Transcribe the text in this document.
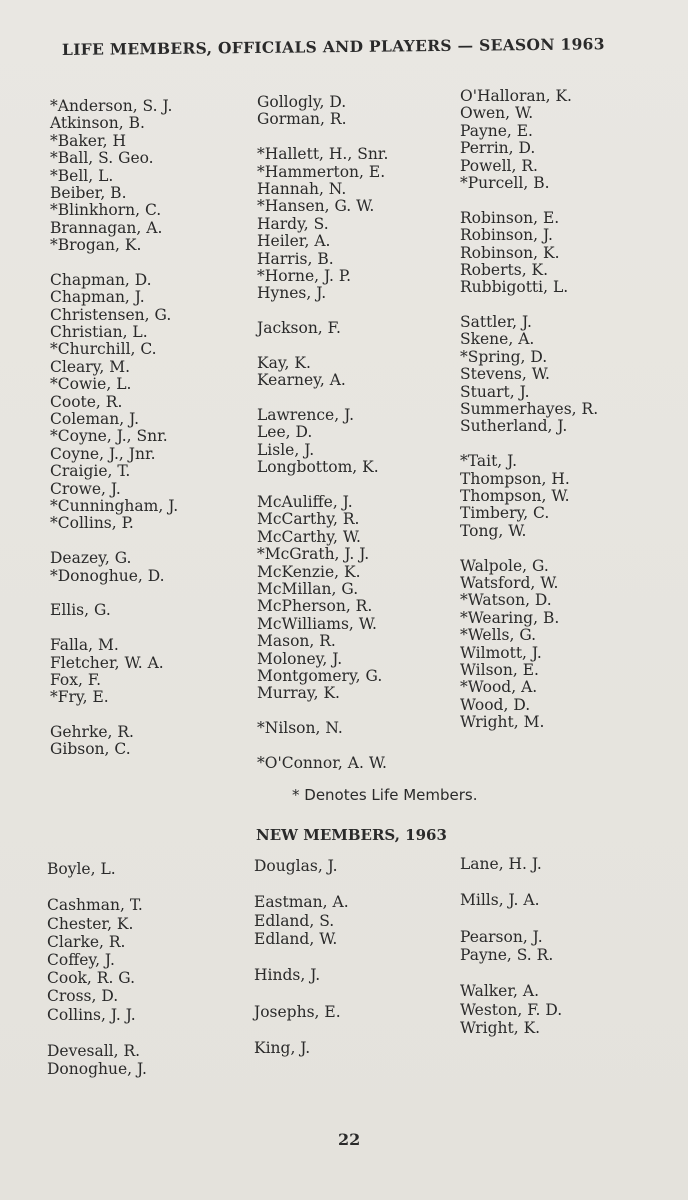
LIFE MEMBERS, OFFICIALS AND PLAYERS — SEASON 1963
*Anderson, S. J.
Atkinson, B.
*Baker, H
*Ball, S. Geo.
*Bell, L.
Beiber, B.
*Blinkhorn, C.
Brannagan, A.
*Brogan, K.
Chapman, D.
Chapman, J.
Christensen, G.
Christian, L.
*Churchill, C.
Cleary, M.
*Cowie, L.
Coote, R.
Coleman, J.
*Coyne, J., Snr.
Coyne, J., Jnr.
Craigie, T.
Crowe, J.
*Cunningham, J.
*Collins, P.
Deazey, G.
*Donoghue, D.
Ellis, G.
Falla, M.
Fletcher, W. A.
Fox, F.
*Fry, E.
Gehrke, R.
Gibson, C.
Gollogly, D.
Gorman, R.
*Hallett, H., Snr.
*Hammerton, E.
Hannah, N.
*Hansen, G. W.
Hardy, S.
Heiler, A.
Harris, B.
*Horne, J. P.
Hynes, J.
Jackson, F.
Kay, K.
Kearney, A.
Lawrence, J.
Lee, D.
Lisle, J.
Longbottom, K.
McAuliffe, J.
McCarthy, R.
McCarthy, W.
*McGrath, J. J.
McKenzie, K.
McMillan, G.
McPherson, R.
McWilliams, W.
Mason, R.
Moloney, J.
Montgomery, G.
Murray, K.
*Nilson, N.
*O'Connor, A. W.
O'Halloran, K.
Owen, W.
Payne, E.
Perrin, D.
Powell, R.
*Purcell, B.
Robinson, E.
Robinson, J.
Robinson, K.
Roberts, K.
Rubbigotti, L.
Sattler, J.
Skene, A.
*Spring, D.
Stevens, W.
Stuart, J.
Summerhayes, R.
Sutherland, J.
*Tait, J.
Thompson, H.
Thompson, W.
Timbery, C.
Tong, W.
Walpole, G.
Watsford, W.
*Watson, D.
*Wearing, B.
*Wells, G.
Wilmott, J.
Wilson, E.
*Wood, A.
Wood, D.
Wright, M.
* Denotes Life Members.
NEW MEMBERS, 1963
Boyle, L.
Cashman, T.
Chester, K.
Clarke, R.
Coffey, J.
Cook, R. G.
Cross, D.
Collins, J. J.
Devesall, R.
Donoghue, J.
Douglas, J.
Eastman, A.
Edland, S.
Edland, W.
Hinds, J.
Josephs, E.
King, J.
Lane, H. J.
Mills, J. A.
Pearson, J.
Payne, S. R.
Walker, A.
Weston, F. D.
Wright, K.
22
